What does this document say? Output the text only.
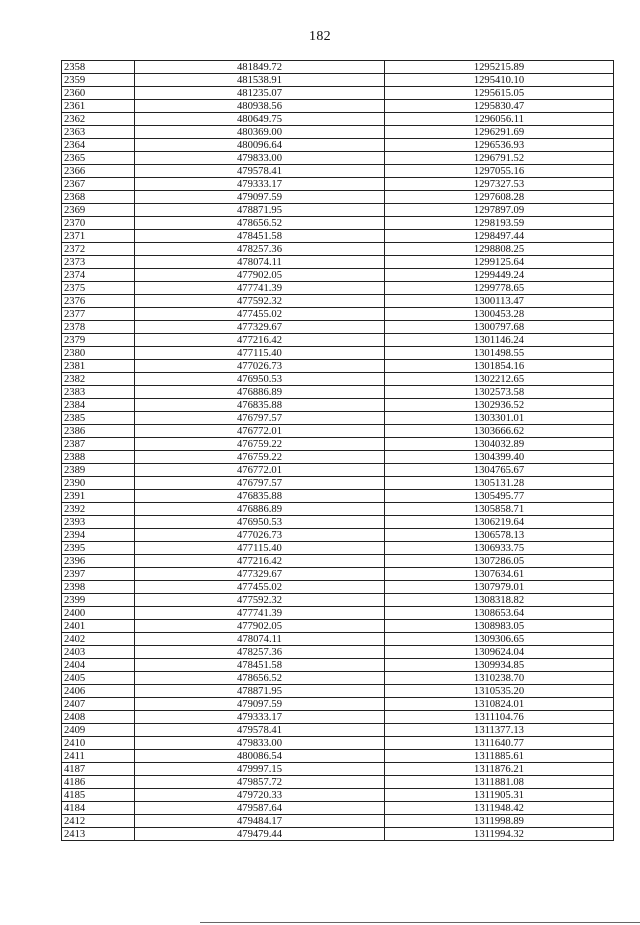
182
2358	481849.72	1295215.89
2359	481538.91	1295410.10
2360	481235.07	1295615.05
2361	480938.56	1295830.47
2362	480649.75	1296056.11
2363	480369.00	1296291.69
2364	480096.64	1296536.93
2365	479833.00	1296791.52
2366	479578.41	1297055.16
2367	479333.17	1297327.53
2368	479097.59	1297608.28
2369	478871.95	1297897.09
2370	478656.52	1298193.59
2371	478451.58	1298497.44
2372	478257.36	1298808.25
2373	478074.11	1299125.64
2374	477902.05	1299449.24
2375	477741.39	1299778.65
2376	477592.32	1300113.47
2377	477455.02	1300453.28
2378	477329.67	1300797.68
2379	477216.42	1301146.24
2380	477115.40	1301498.55
2381	477026.73	1301854.16
2382	476950.53	1302212.65
2383	476886.89	1302573.58
2384	476835.88	1302936.52
2385	476797.57	1303301.01
2386	476772.01	1303666.62
2387	476759.22	1304032.89
2388	476759.22	1304399.40
2389	476772.01	1304765.67
2390	476797.57	1305131.28
2391	476835.88	1305495.77
2392	476886.89	1305858.71
2393	476950.53	1306219.64
2394	477026.73	1306578.13
2395	477115.40	1306933.75
2396	477216.42	1307286.05
2397	477329.67	1307634.61
2398	477455.02	1307979.01
2399	477592.32	1308318.82
2400	477741.39	1308653.64
2401	477902.05	1308983.05
2402	478074.11	1309306.65
2403	478257.36	1309624.04
2404	478451.58	1309934.85
2405	478656.52	1310238.70
2406	478871.95	1310535.20
2407	479097.59	1310824.01
2408	479333.17	1311104.76
2409	479578.41	1311377.13
2410	479833.00	1311640.77
2411	480086.54	1311885.61
4187	479997.15	1311876.21
4186	479857.72	1311881.08
4185	479720.33	1311905.31
4184	479587.64	1311948.42
2412	479484.17	1311998.89
2413	479479.44	1311994.32
